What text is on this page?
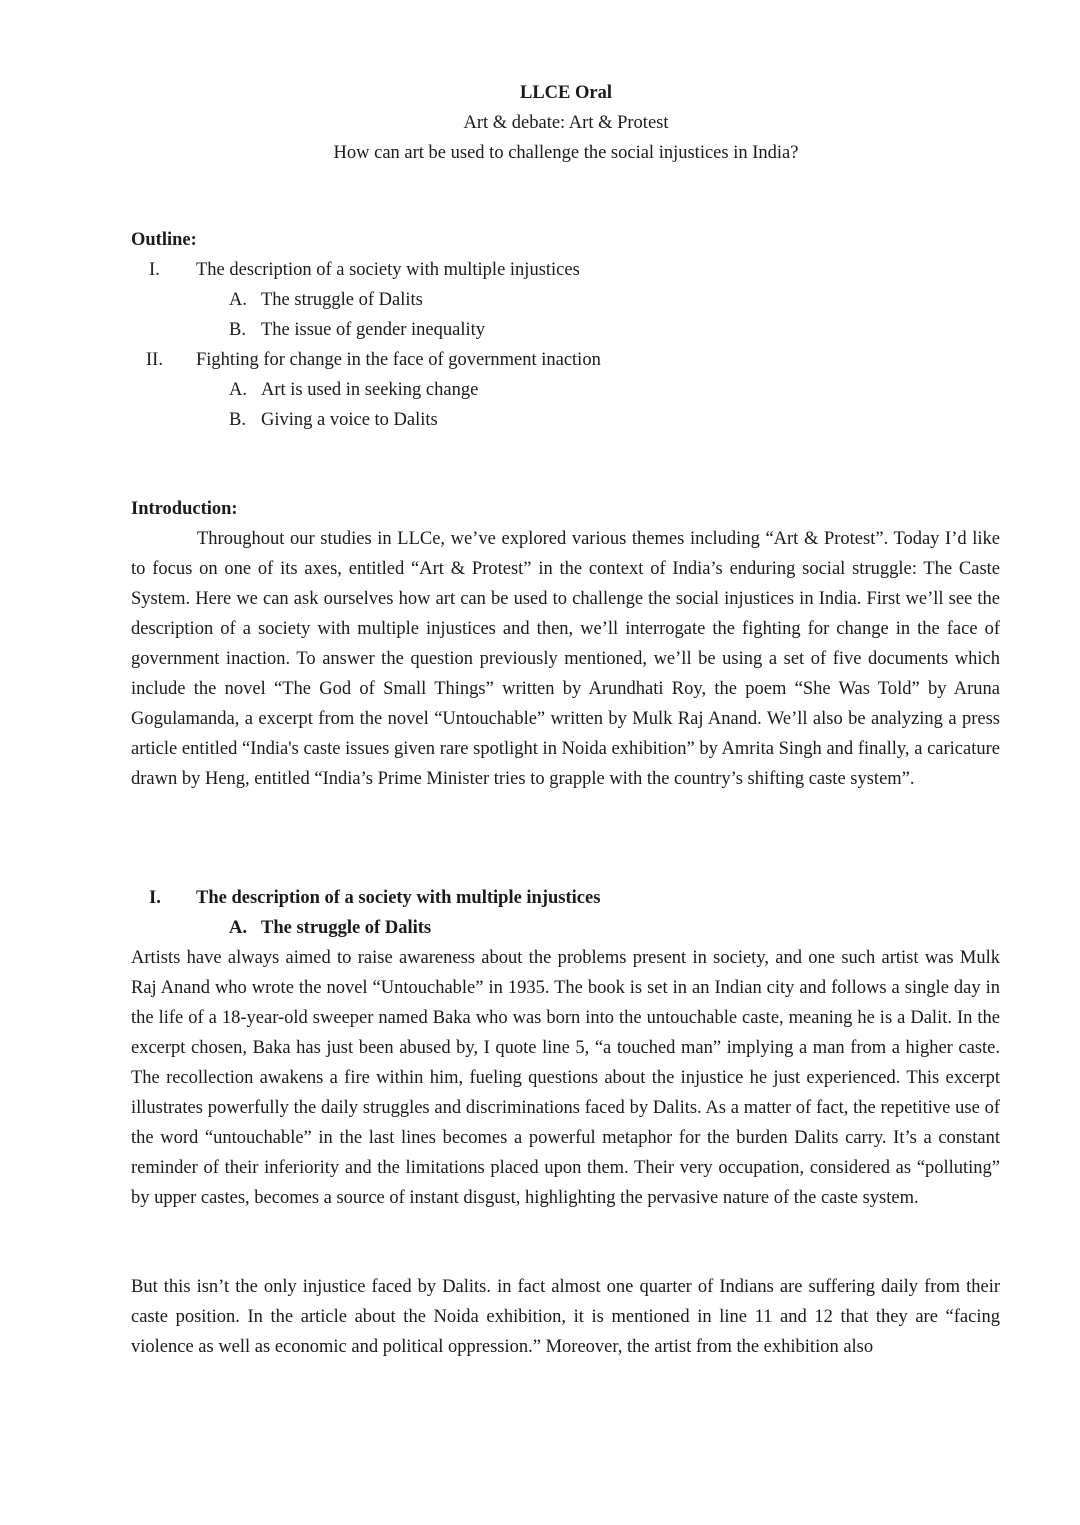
LLCE Oral
Art & debate: Art & Protest
How can art be used to challenge the social injustices in India?
Outline:
I.	The description of a society with multiple injustices
A. The struggle of Dalits
B. The issue of gender inequality
II.	Fighting for change in the face of government inaction
A. Art is used in seeking change
B. Giving a voice to Dalits
Introduction:

Throughout our studies in LLCe, we’ve explored various themes including “Art & Protest”. Today I’d like to focus on one of its axes, entitled “Art & Protest” in the context of India’s enduring social struggle: The Caste System. Here we can ask ourselves how art can be used to challenge the social injustices in India. First we’ll see the description of a society with multiple injustices and then, we’ll interrogate the fighting for change in the face of government inaction. To answer the question previously mentioned, we’ll be using a set of five documents which include the novel “The God of Small Things” written by Arundhati Roy, the poem “She Was Told” by Aruna Gogulamanda, a excerpt from the novel “Untouchable” written by Mulk Raj Anand. We’ll also be analyzing a press article entitled “India's caste issues given rare spotlight in Noida exhibition” by Amrita Singh and finally, a caricature drawn by Heng, entitled “India’s Prime Minister tries to grapple with the country’s shifting caste system”.

I.	The description of a society with multiple injustices
A. The struggle of Dalits

Artists have always aimed to raise awareness about the problems present in society, and one such artist was Mulk Raj Anand who wrote the novel “Untouchable” in 1935. The book is set in an Indian city and follows a single day in the life of a 18-year-old sweeper named Baka who was born into the untouchable caste, meaning he is a Dalit. In the excerpt chosen, Baka has just been abused by, I quote line 5, “a touched man” implying a man from a higher caste. The recollection awakens a fire within him, fueling questions about the injustice he just experienced. This excerpt illustrates powerfully the daily struggles and discriminations faced by Dalits. As a matter of fact, the repetitive use of the word “untouchable” in the last lines becomes a powerful metaphor for the burden Dalits carry. It’s a constant reminder of their inferiority and the limitations placed upon them. Their very occupation, considered as “polluting” by upper castes, becomes a source of instant disgust, highlighting the pervasive nature of the caste system.

But this isn’t the only injustice faced by Dalits. in fact almost one quarter of Indians are suffering daily from their caste position. In the article about the Noida exhibition, it is mentioned in line 11 and 12 that they are “facing violence as well as economic and political oppression.” Moreover, the artist from the exhibition also
